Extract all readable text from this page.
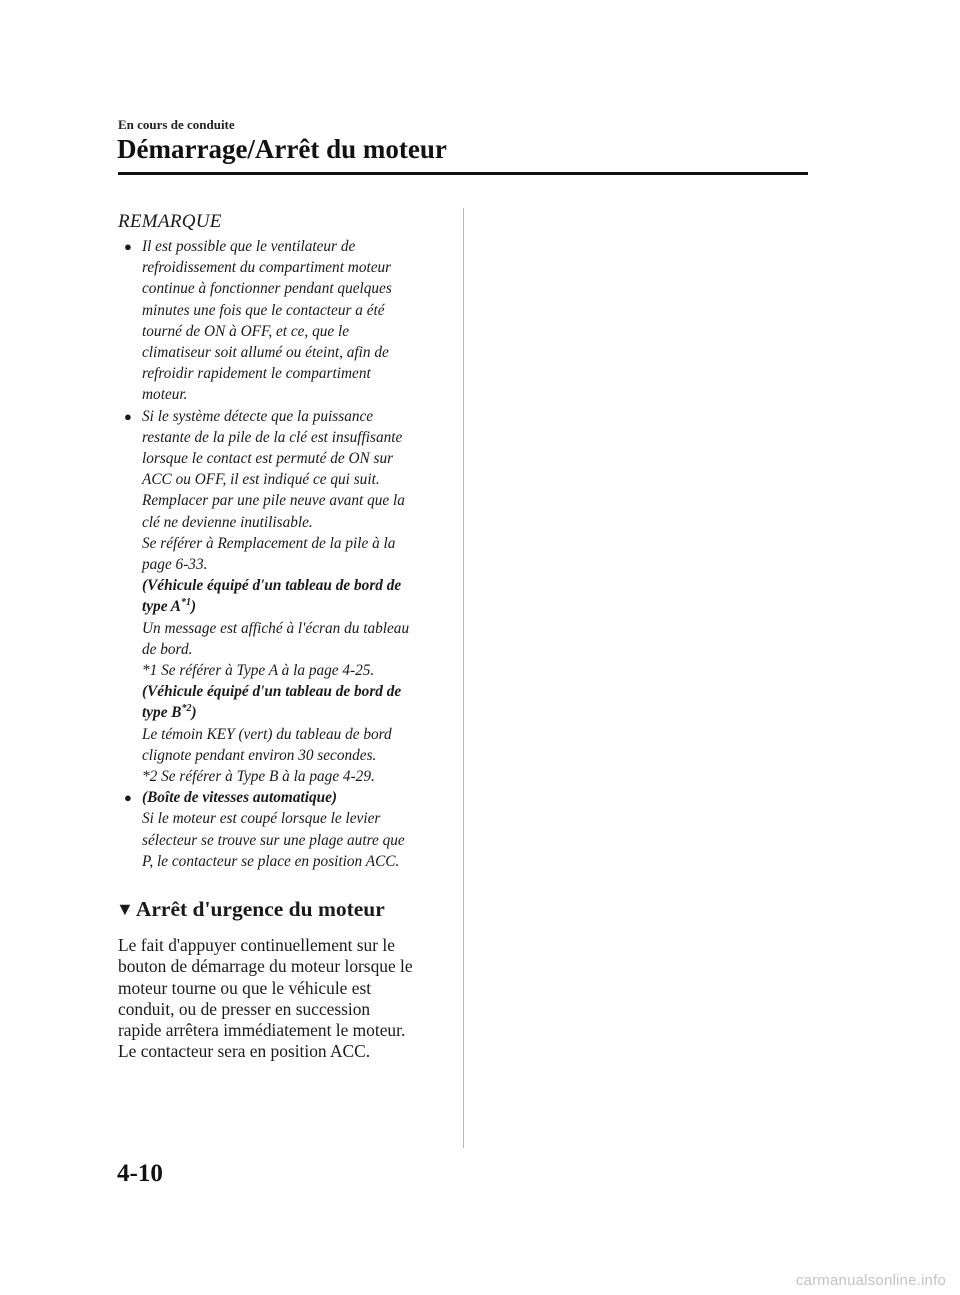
En cours de conduite
Démarrage/Arrêt du moteur
REMARQUE
● Il est possible que le ventilateur de
refroidissement du compartiment moteur
continue à fonctionner pendant quelques
minutes une fois que le contacteur a été
tourné de ON à OFF, et ce, que le
climatiseur soit allumé ou éteint, afin de
refroidir rapidement le compartiment
moteur.
● Si le système détecte que la puissance
restante de la pile de la clé est insuffisante
lorsque le contact est permuté de ON sur
ACC ou OFF, il est indiqué ce qui suit.
Remplacer par une pile neuve avant que la
clé ne devienne inutilisable.
Se référer à Remplacement de la pile à la
page 6-33.
(Véhicule équipé d'un tableau de bord de
type $A^{*1}$)
Un message est affiché à l'écran du tableau
de bord.
*1 Se référer à Type A à la page 4-25.
(Véhicule équipé d'un tableau de bord de
type $B^{*2}$)
Le témoin KEY (vert) du tableau de bord
clignote pendant environ 30 secondes.
*2 Se référer à Type B à la page 4-29.
● (Boîte de vitesses automatique)
Si le moteur est coupé lorsque le levier
sélecteur se trouve sur une plage autre que
P, le contacteur se place en position ACC.
▼Arrêt d'urgence du moteur

Le fait d'appuyer continuellement sur le
bouton de démarrage du moteur lorsque le
moteur tourne ou que le véhicule est
conduit, ou de presser en succession
rapide arrêtera immédiatement le moteur.
Le contacteur sera en position ACC.

4-10
carmanualsonline.info
